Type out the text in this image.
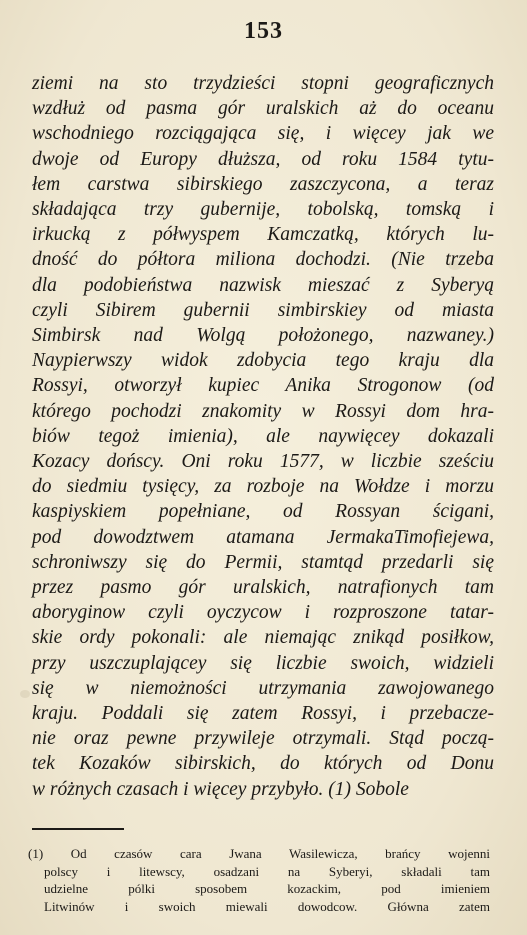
153
ziemi na sto trzydzieści stopni geograficznych
wzdłuż od pasma gór uralskich aż do oceanu
wschodniego rozciągająca się, i więcey jak we
dwoje od Europy dłuższa, od roku 1584 tytu-
łem carstwa sibirskiego zaszczycona, a teraz
składająca trzy gubernije, tobolską, tomską i
irkucką z półwyspem Kamczatką, których lu-
dność do półtora miliona dochodzi. (Nie trzeba
dla podobieństwa nazwisk mieszać z Syberyą
czyli Sibirem gubernii simbirskiey od miasta
Simbirsk nad Wolgą położonego, nazwaney.)
Naypierwszy widok zdobycia tego kraju dla
Rossyi, otworzył kupiec Anika Strogonow (od
którego pochodzi znakomity w Rossyi dom hra-
biów tegoż imienia), ale naywięcey dokazali
Kozacy dońscy. Oni roku 1577, w liczbie sześciu
do siedmiu tysięcy, za rozboje na Wołdze i morzu
kaspiyskiem popełniane, od Rossyan ścigani,
pod dowodztwem atamana JermakaTimofiejewa,
schroniwszy się do Permii, stamtąd przedarli się
przez pasmo gór uralskich, natrafionych tam
aboryginow czyli oyczycow i rozproszone tatar-
skie ordy pokonali: ale niemając znikąd posiłkow,
przy uszczuplającey się liczbie swoich, widzieli
się w niemożności utrzymania zawojowanego
kraju. Poddali się zatem Rossyi, i przebacze-
nie oraz pewne przywileje otrzymali. Stąd począ-
tek Kozaków sibirskich, do których od Donu
w różnych czasach i więcey przybyło. (1) Sobole
(1) Od czasów cara Jwana Wasilewicza, brańcy wojenni
polscy i litewscy, osadzani na Syberyi, składali tam
udzielne pólki sposobem kozackim, pod imieniem
Litwinów i swoich miewali dowodcow. Główna zatem
